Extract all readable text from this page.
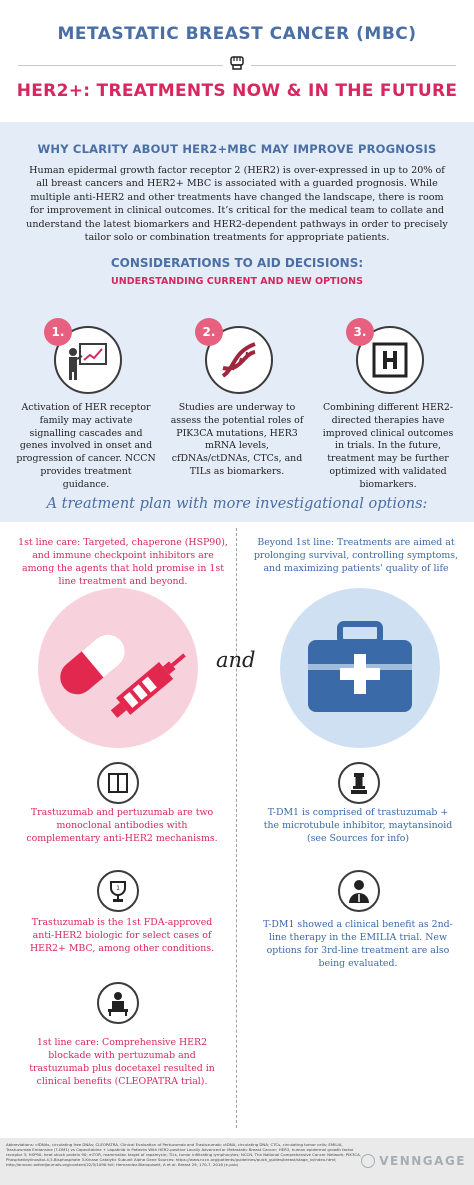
METASTATIC BREAST CANCER (MBC)
HER2+: TREATMENTS NOW & IN THE FUTURE
WHY CLARITY ABOUT HER2+MBC MAY IMPROVE PROGNOSIS
Human epidermal growth factor receptor 2 (HER2) is over-expressed in up to 20% of all breast cancers and HER2+ MBC is associated with a guarded prognosis. While multiple anti-HER2 and other treatments have changed the landscape, there is room for improvement in clinical outcomes. It’s critical for the medical team to collate and understand the latest biomarkers and HER2-dependent pathways in order to precisely tailor solo or combination treatments for appropriate patients.
CONSIDERATIONS TO AID DECISIONS:
UNDERSTANDING CURRENT AND NEW OPTIONS
1.
Activation of HER receptor family may activate signalling cascades and genes involved in onset and progression of cancer. NCCN provides treatment guidance.
2.
Studies are underway to assess the potential roles of PIK3CA mutations, HER3 mRNA levels, cfDNAs/ctDNAs, CTCs, and TILs as biomarkers.
3.
Combining different HER2-directed therapies have improved clinical outcomes in trials. In the future, treatment may be further optimized with validated biomarkers.
A treatment plan with more investigational options:
1st line care: Targeted, chaperone (HSP90), and immune checkpoint inhibitors are among the agents that hold promise in 1st line treatment and beyond.
Trastuzumab and pertuzumab are two monoclonal antibodies with complementary anti-HER2 mechanisms.
1
Trastuzumab is the 1st FDA-approved anti-HER2 biologic for select cases of HER2+ MBC, among other conditions.
1st line care: Comprehensive HER2 blockade with pertuzumab and trastuzumab plus docetaxel resulted in clinical benefits (CLEOPATRA trial).
and
Beyond 1st line: Treatments are aimed at prolonging survival, controlling symptoms, and maximizing patients' quality of life
T-DM1 is comprised of trastuzumab + the microtubule inhibitor, maytansinoid (see Sources for info)
T-DM1 showed a clinical benefit as 2nd-line therapy in the EMILIA trial. New options for 3rd-line treatment are also being evaluated.
Abbreviations: cfDNAs, circulating free DNAs; CLEOPATRA, Clinical Evaluation of Pertuzumab and Trastuzumab; ctDNA, circulating DNA; CTCs, circulating tumor cells; EMILIA, Trastuzumab Emtansine (T-DM1) vs Capecitabine + Lapatinib in Patients With HER2-positive Locally Advanced or Metastatic Breast Cancer; HER3, human epidermal growth factor receptor 3; HSP90, heat shock protein 90; mTOR, mammalian target of rapamycin; TILs, tumor infiltrating lymphocytes; NCCN, The National Comprehensive Cancer Network; PIK3CA, Phosphatidylinositol-4,5-Bisphosphate 3-Kinase Catalytic Subunit Alpha Gene Sources: https://www.nccn.org/patients/guidelines/quick_guides/breast/stage_iv/index.html; http://annonc.oxfordjournals.org/content/22/5/1090.full; Hernandez-Blanquisett, A et al. Breast 29, 170-7, 2016 (e-pub)	VENNGAGE
